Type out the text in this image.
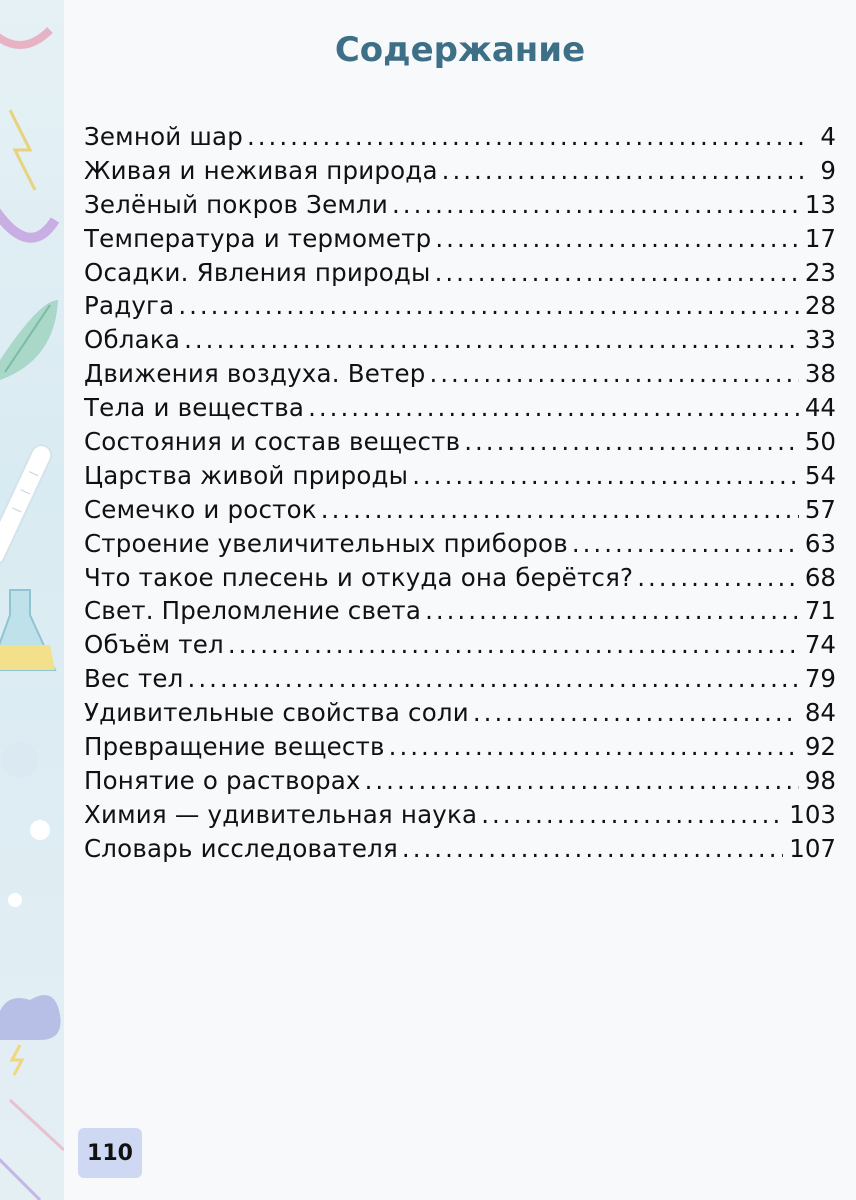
Содержание
Земной шар .....	4
Живая и неживая природа .....	9
Зелёный покров Земли .....	13
Температура и термометр .....	17
Осадки. Явления природы .....	23
Радуга .....	28
Облака .....	33
Движения воздуха. Ветер .....	38
Тела и вещества .....	44
Состояния и состав веществ .....	50
Царства живой природы .....	54
Семечко и росток .....	57
Строение увеличительных приборов .....	63
Что такое плесень и откуда она берётся? .....	68
Свет. Преломление света .....	71
Объём тел .....	74
Вес тел .....	79
Удивительные свойства соли .....	84
Превращение веществ .....	92
Понятие о растворах .....	98
Химия — удивительная наука .....	103
Словарь исследователя .....	107
110
